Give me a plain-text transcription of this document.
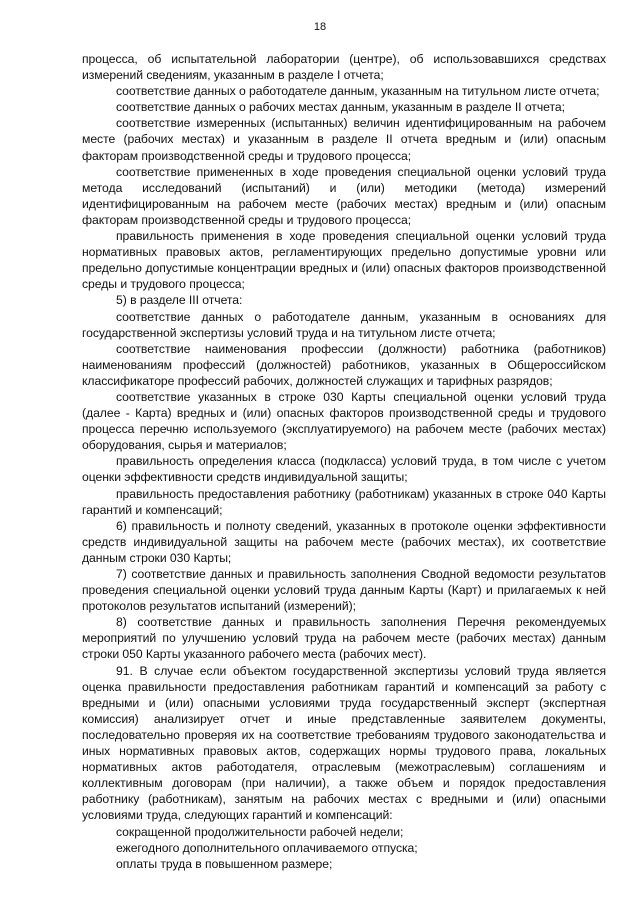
18

процесса, об испытательной лаборатории (центре), об использовавшихся средствах измерений сведениям, указанным в разделе I отчета;

соответствие данных о работодателе данным, указанным на титульном листе отчета;

соответствие данных о рабочих местах данным, указанным в разделе II отчета;

соответствие измеренных (испытанных) величин идентифицированным на рабочем месте (рабочих местах) и указанным в разделе II отчета вредным и (или) опасным факторам производственной среды и трудового процесса;

соответствие примененных в ходе проведения специальной оценки условий труда метода исследований (испытаний) и (или) методики (метода) измерений идентифицированным на рабочем месте (рабочих местах) вредным и (или) опасным факторам производственной среды и трудового процесса;

правильность применения в ходе проведения специальной оценки условий труда нормативных правовых актов, регламентирующих предельно допустимые уровни или предельно допустимые концентрации вредных и (или) опасных факторов производственной среды и трудового процесса;

5) в разделе III отчета:

соответствие данных о работодателе данным, указанным в основаниях для государственной экспертизы условий труда и на титульном листе отчета;

соответствие наименования профессии (должности) работника (работников) наименованиям профессий (должностей) работников, указанных в Общероссийском классификаторе профессий рабочих, должностей служащих и тарифных разрядов;

соответствие указанных в строке 030 Карты специальной оценки условий труда (далее - Карта) вредных и (или) опасных факторов производственной среды и трудового процесса перечню используемого (эксплуатируемого) на рабочем месте (рабочих местах) оборудования, сырья и материалов;

правильность определения класса (подкласса) условий труда, в том числе с учетом оценки эффективности средств индивидуальной защиты;

правильность предоставления работнику (работникам) указанных в строке 040 Карты гарантий и компенсаций;

6) правильность и полноту сведений, указанных в протоколе оценки эффективности средств индивидуальной защиты на рабочем месте (рабочих местах), их соответствие данным строки 030 Карты;

7) соответствие данных и правильность заполнения Сводной ведомости результатов проведения специальной оценки условий труда данным Карты (Карт) и прилагаемых к ней протоколов результатов испытаний (измерений);

8) соответствие данных и правильность заполнения Перечня рекомендуемых мероприятий по улучшению условий труда на рабочем месте (рабочих местах) данным строки 050 Карты указанного рабочего места (рабочих мест).

91. В случае если объектом государственной экспертизы условий труда является оценка правильности предоставления работникам гарантий и компенсаций за работу с вредными и (или) опасными условиями труда государственный эксперт (экспертная комиссия) анализирует отчет и иные представленные заявителем документы, последовательно проверяя их на соответствие требованиям трудового законодательства и иных нормативных правовых актов, содержащих нормы трудового права, локальных нормативных актов работодателя, отраслевым (межотраслевым) соглашениям и коллективным договорам (при наличии), а также объем и порядок предоставления работнику (работникам), занятым на рабочих местах с вредными и (или) опасными условиями труда, следующих гарантий и компенсаций:

сокращенной продолжительности рабочей недели;

ежегодного дополнительного оплачиваемого отпуска;

оплаты труда в повышенном размере;
